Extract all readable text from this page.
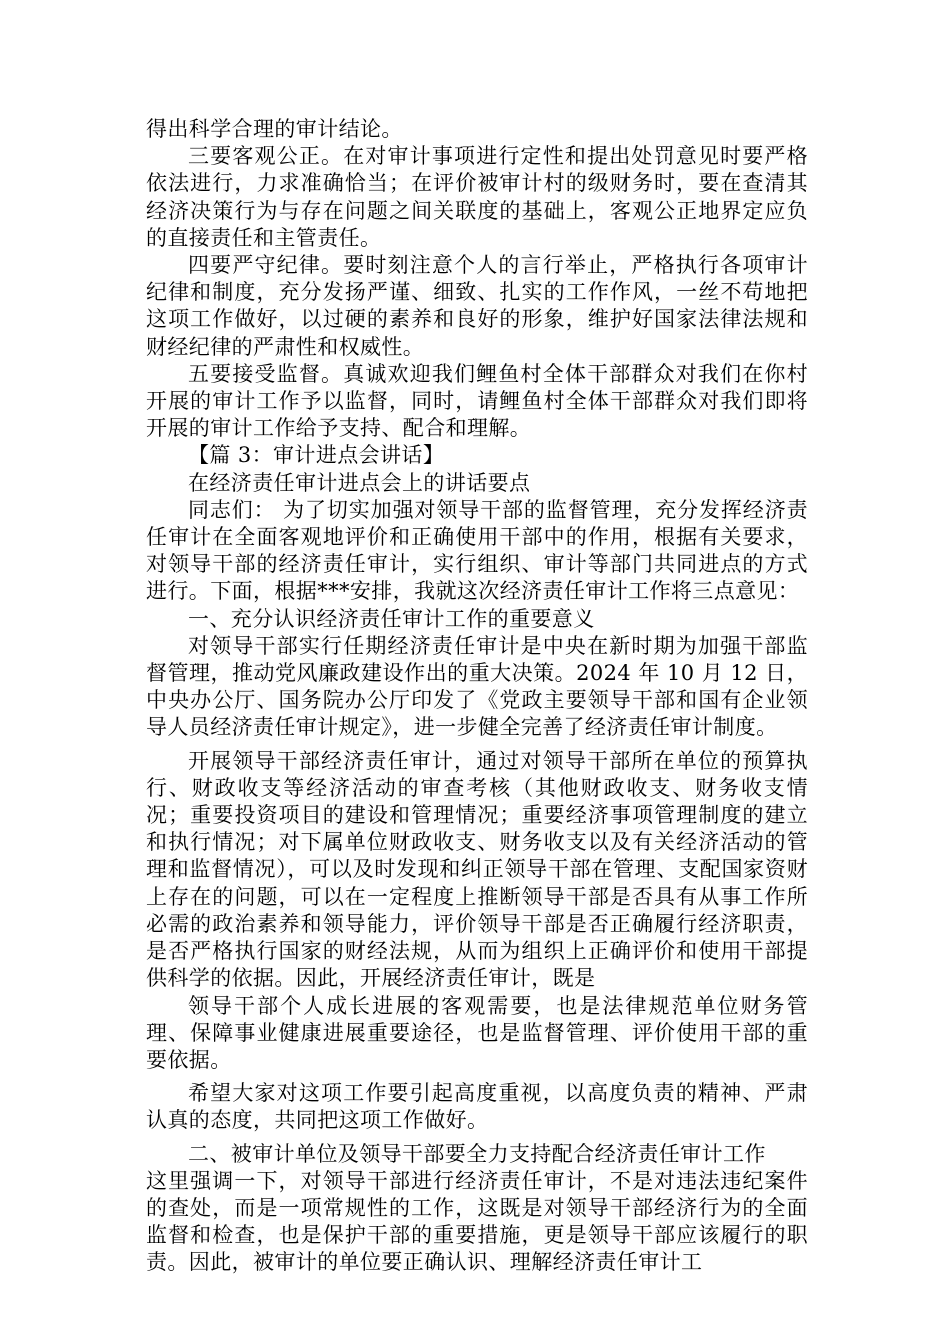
得出科学合理的审计结论。

三要客观公正。在对审计事项进行定性和提出处罚意见时要严格依法进行，力求准确恰当；在评价被审计村的级财务时，要在查清其经济决策行为与存在问题之间关联度的基础上，客观公正地界定应负的直接责任和主管责任。

四要严守纪律。要时刻注意个人的言行举止，严格执行各项审计纪律和制度，充分发扬严谨、细致、扎实的工作作风，一丝不苟地把这项工作做好，以过硬的素养和良好的形象，维护好国家法律法规和财经纪律的严肃性和权威性。

五要接受监督。真诚欢迎我们鲤鱼村全体干部群众对我们在你村开展的审计工作予以监督，同时，请鲤鱼村全体干部群众对我们即将开展的审计工作给予支持、配合和理解。

【篇 3：审计进点会讲话】

在经济责任审计进点会上的讲话要点

同志们： 为了切实加强对领导干部的监督管理，充分发挥经济责任审计在全面客观地评价和正确使用干部中的作用，根据有关要求，对领导干部的经济责任审计，实行组织、审计等部门共同进点的方式进行。下面，根据***安排，我就这次经济责任审计工作将三点意见：

一、充分认识经济责任审计工作的重要意义

对领导干部实行任期经济责任审计是中央在新时期为加强干部监督管理，推动党风廉政建设作出的重大决策。2024 年 10 月 12 日，中央办公厅、国务院办公厅印发了《党政主要领导干部和国有企业领导人员经济责任审计规定》，进一步健全完善了经济责任审计制度。

开展领导干部经济责任审计，通过对领导干部所在单位的预算执行、财政收支等经济活动的审查考核（其他财政收支、财务收支情况；重要投资项目的建设和管理情况；重要经济事项管理制度的建立和执行情况；对下属单位财政收支、财务收支以及有关经济活动的管理和监督情况），可以及时发现和纠正领导干部在管理、支配国家资财上存在的问题，可以在一定程度上推断领导干部是否具有从事工作所必需的政治素养和领导能力，评价领导干部是否正确履行经济职责，是否严格执行国家的财经法规，从而为组织上正确评价和使用干部提供科学的依据。因此，开展经济责任审计，既是

领导干部个人成长进展的客观需要，也是法律规范单位财务管理、保障事业健康进展重要途径，也是监督管理、评价使用干部的重要依据。

希望大家对这项工作要引起高度重视，以高度负责的精神、严肃认真的态度，共同把这项工作做好。

二、被审计单位及领导干部要全力支持配合经济责任审计工作

这里强调一下，对领导干部进行经济责任审计，不是对违法违纪案件的查处，而是一项常规性的工作，这既是对领导干部经济行为的全面监督和检查，也是保护干部的重要措施，更是领导干部应该履行的职责。因此，被审计的单位要正确认识、理解经济责任审计工
